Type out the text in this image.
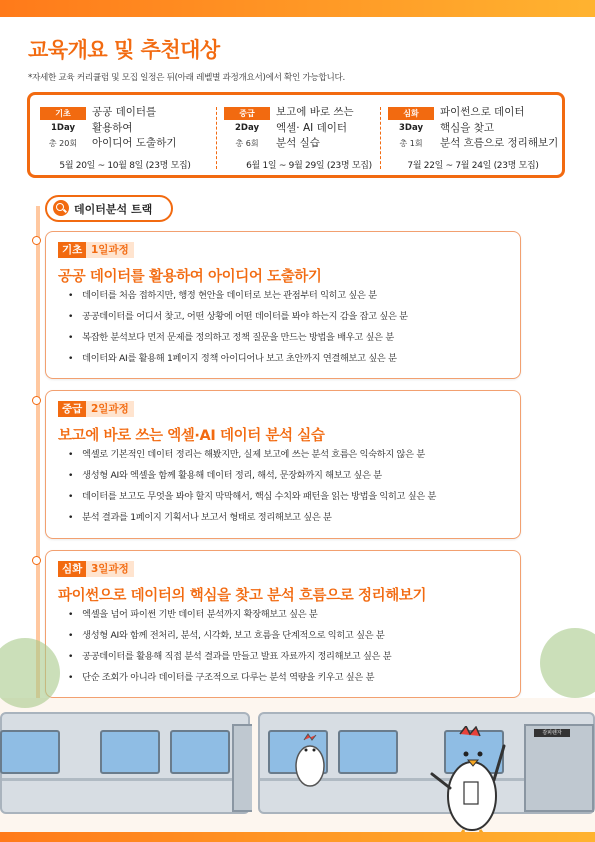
교육개요 및 추천대상
*자세한 교육 커리큘럼 및 모집 일정은 뒤(아래 레벨별 과정개요서)에서 확인 가능합니다.
기초
1Day
총 20회
공공 데이터를
활용하여
아이디어 도출하기
5월 20일 ~ 10월 8일 (23명 모집)
중급
2Day
총 6회
보고에 바로 쓰는
엑셀· AI 데이터
분석 실습
6월 1일 ~ 9월 29일 (23명 모집)
심화
3Day
총 1회
파이썬으로 데이터
핵심을 찾고
분석 흐름으로 정리해보기
7월 22일 ~ 7월 24일 (23명 모집)
데이터분석 트랙
기초 1일과정
공공 데이터를 활용하여 아이디어 도출하기
• 데이터를 처음 접하지만, 행정 현안을 데이터로 보는 관점부터 익히고 싶은 분
• 공공데이터를 어디서 찾고, 어떤 상황에 어떤 데이터를 봐야 하는지 감을 잡고 싶은 분
• 복잡한 분석보다 먼저 문제를 정의하고 정책 질문을 만드는 방법을 배우고 싶은 분
• 데이터와 AI를 활용해 1페이지 정책 아이디어나 보고 초안까지 연결해보고 싶은 분
중급 2일과정
보고에 바로 쓰는 엑셀·AI 데이터 분석 실습
• 엑셀로 기본적인 데이터 정리는 해봤지만, 실제 보고에 쓰는 분석 흐름은 익숙하지 않은 분
• 생성형 AI와 엑셀을 함께 활용해 데이터 정리, 해석, 문장화까지 해보고 싶은 분
• 데이터를 보고도 무엇을 봐야 할지 막막해서, 핵심 수치와 패턴을 읽는 방법을 익히고 싶은 분
• 분석 결과를 1페이지 기획서나 보고서 형태로 정리해보고 싶은 분
심화 3일과정
파이썬으로 데이터의 핵심을 찾고 분석 흐름으로 정리해보기
• 엑셀을 넘어 파이썬 기반 데이터 분석까지 확장해보고 싶은 분
• 생성형 AI와 함께 전처리, 분석, 시각화, 보고 흐름을 단계적으로 익히고 싶은 분
• 공공데이터를 활용해 직접 분석 결과를 만들고 발표 자료까지 정리해보고 싶은 분
• 단순 조회가 아니라 데이터를 구조적으로 다루는 분석 역량을 키우고 싶은 분
감피렌자
